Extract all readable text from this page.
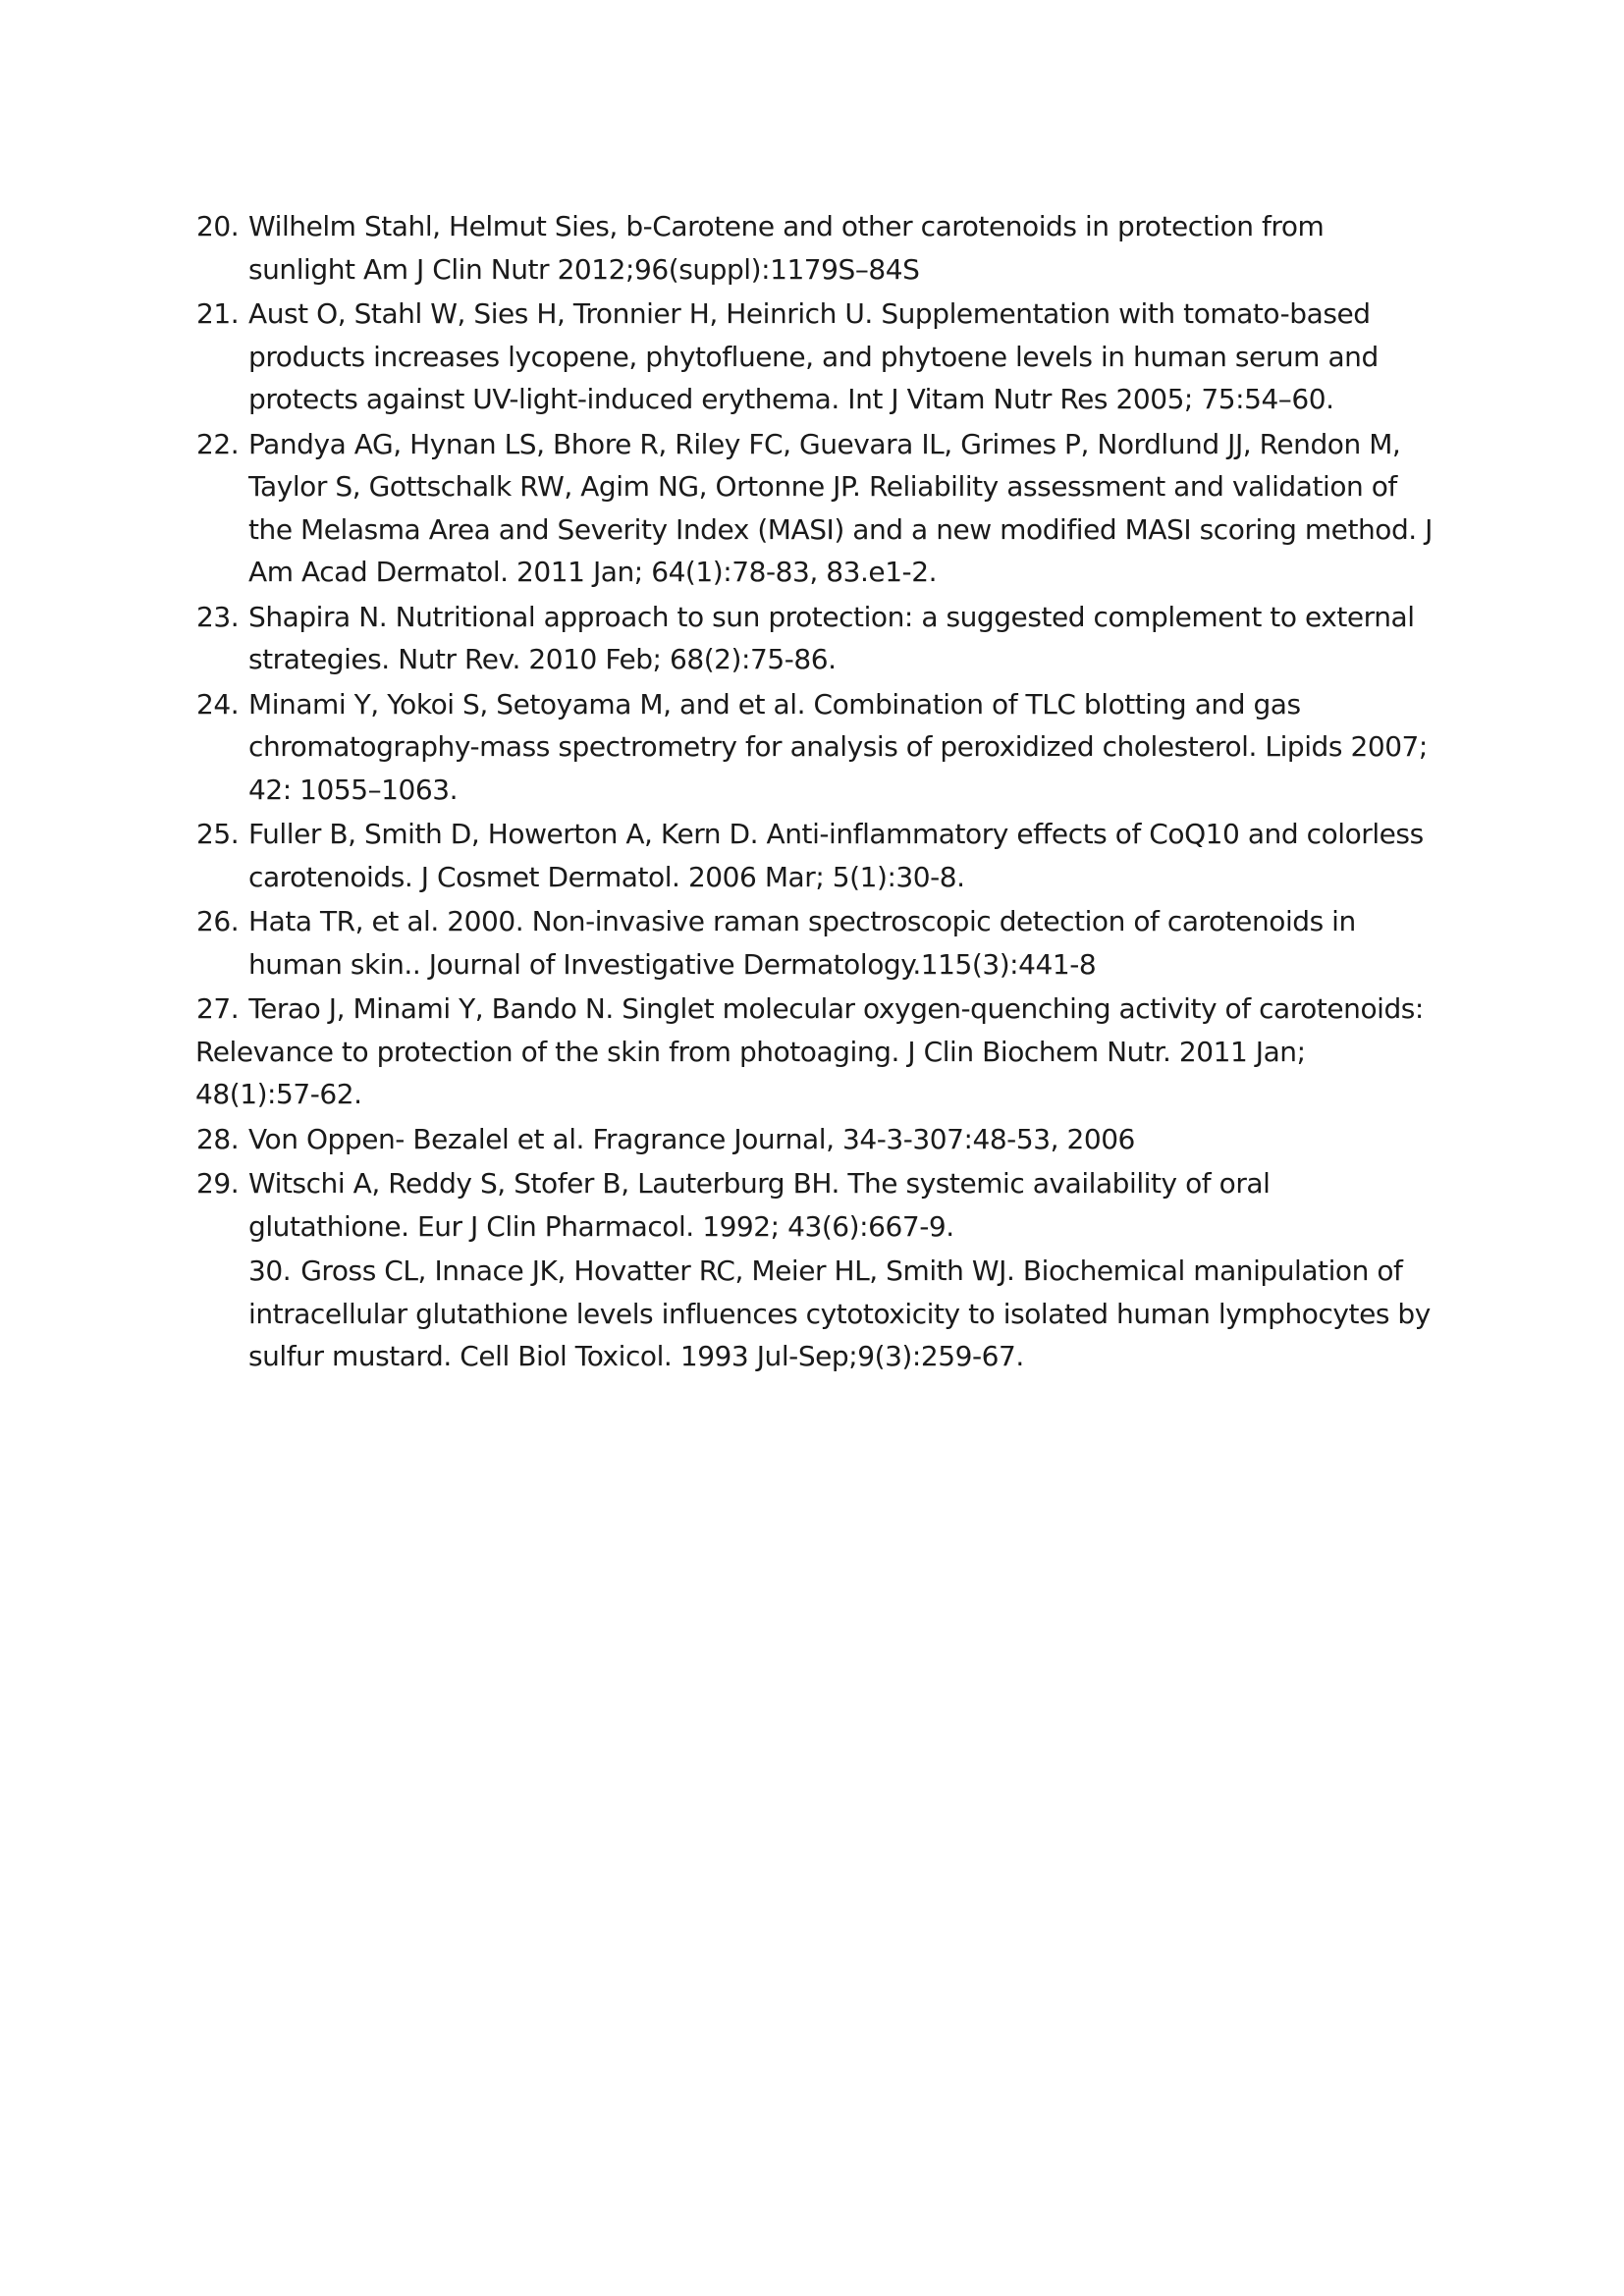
20. Wilhelm Stahl, Helmut Sies, b-Carotene and other carotenoids in protection from sunlight Am J Clin Nutr 2012;96(suppl):1179S–84S
21. Aust O, Stahl W, Sies H, Tronnier H, Heinrich U. Supplementation with tomato-based products increases lycopene, phytofluene, and phytoene levels in human serum and protects against UV-light-induced erythema. Int J Vitam Nutr Res 2005; 75:54–60.
22. Pandya AG, Hynan LS, Bhore R, Riley FC, Guevara IL, Grimes P, Nordlund JJ, Rendon M, Taylor S, Gottschalk RW, Agim NG, Ortonne JP. Reliability assessment and validation of the Melasma Area and Severity Index (MASI) and a new modified MASI scoring method. J Am Acad Dermatol. 2011 Jan; 64(1):78-83, 83.e1-2.
23. Shapira N. Nutritional approach to sun protection: a suggested complement to external strategies. Nutr Rev. 2010 Feb; 68(2):75-86.
24. Minami Y, Yokoi S, Setoyama M, and et al. Combination of TLC blotting and gas chromatography-mass spectrometry for analysis of peroxidized cholesterol. Lipids 2007; 42: 1055–1063.
25. Fuller B, Smith D, Howerton A, Kern D. Anti-inflammatory effects of CoQ10 and colorless carotenoids. J Cosmet Dermatol. 2006 Mar; 5(1):30-8.
26. Hata TR, et al. 2000. Non-invasive raman spectroscopic detection of carotenoids in human skin.. Journal of Investigative Dermatology.115(3):441-8
27. Terao J, Minami Y, Bando N. Singlet molecular oxygen-quenching activity of carotenoids:
Relevance to protection of the skin from photoaging. J Clin Biochem Nutr. 2011 Jan; 48(1):57-62.
28. Von Oppen- Bezalel et al. Fragrance Journal, 34-3-307:48-53, 2006
29. Witschi A, Reddy S, Stofer B, Lauterburg BH. The systemic availability of oral glutathione. Eur J Clin Pharmacol. 1992; 43(6):667-9.
30. Gross CL, Innace JK, Hovatter RC, Meier HL, Smith WJ. Biochemical manipulation of intracellular glutathione levels influences cytotoxicity to isolated human lymphocytes by sulfur mustard. Cell Biol Toxicol. 1993 Jul-Sep;9(3):259-67.
